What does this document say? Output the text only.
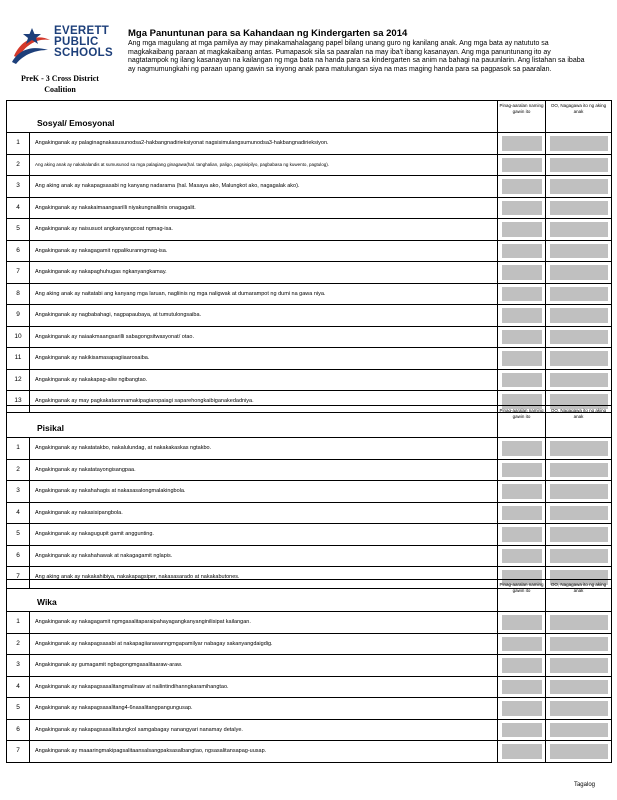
EVERETT
PUBLIC
SCHOOLS
PreK - 3 Cross District
Coalition
Mga Panuntunan para sa Kahandaan ng Kindergarten sa 2014
Ang mga magulang at mga pamilya ay may pinakamahalagang papel bilang unang guro ng kanilang anak. Ang mga bata ay natututo sa magkakaibang paraan at magkakaibang antas. Pumapasok sila sa paaralan na may iba't ibang kasanayan. Ang mga panuntunang ito ay nagtatampok ng ilang kasanayan na kailangan ng mga bata na handa para sa kindergarten sa anim na bahagi na pauunlarin. Ang listahan sa ibaba ay nagmumungkahi ng paraan upang gawin sa inyong anak para matulungan siya na mas maging handa para sa pagpasok sa paaralan.
Sosyal/ Emosyonal
Pinag-aaralan naming gawin ito
OO, Nagagawa ito ng aking anak
1	Angakinganak ay palaginagnakasusunodsa2-hakbangnadirieksiyonat nagsisimulangsumunodsa3-hakbangnadirieksiyon.
2	Ang aking anak ay nakakalandis at sumusunod sa mga palagiang ginagawa(hal. tanghalian, paligo, pagsisipilyo, pagbabasa ng kuwento, pagtulog).
3	Ang aking anak ay nakapagsasabi ng kanyang nadarama (hal. Masaya ako, Malungkot ako, nagagalak ako).
4	Angakinganak ay nakakaimaangsarilli niyakungnalilnis onagagalit.
5	Angakinganak ay naisusuot angkanyangcoat ngmag-isa.
6	Angakinganak ay nakagagamit ngpalikuranngmag-isa.
7	Angakinganak ay nakapaghuhugas ngkanyangkamay.
8	Ang aking anak ay naitatabi ang kanyang mga laruan, nagliinis ng mga naligwak at dumarampot ng dumi na gawa niya.
9	Angakinganak ay nagbabahagi, nagpapaubaya, at tumutulongsaiba.
10	Angakinganak ay naiaakmaangsarilli sabagongsitwasyonat/ otao.
11	Angakinganak ay nakikisamasapagiiaarosaiba.
12	Angakinganak ay nakakapag-aliw ngibangtao.
13	Angakinganak ay may pagkakataonnamakipagiaropaiagi saparehongkaibiganakedadniya.
Pisikal
Pinag-aaralan naming gawin ito
OO, Nagagawa ito ng aking anak
1	Angakinganak ay nakatatakbo, nakalulundag, at nakakakaskas ngtakbo.
2	Angakinganak ay nakatatayongisangpaa.
3	Angakinganak ay nakahahagis at nakasasalongmalakingbola.
4	Angakinganak ay nakasisipangbola.
5	Angakinganak ay nakagugupit gamit anggunting.
6	Angakinganak ay nakahahawak at nakagagamit nglapis.
7	Ang aking anak ay nakakahibiya, nakakapagsiper, nakasasarado at nakakabutones.
Wika
Pinag-aaralan naming gawin ito
OO, Nagagawa ito ng aking anak
1	Angakinganak ay nakagagamit ngmgasalitaparaipahayagangkanyanginilisipat kailangan.
2	Angakinganak ay nakapagsasabi at nakapagiiarawanngmgapamilyar nabagay sakanyangdaigdig.
3	Angakinganak ay gumagamit ngbagongmgasalitaaraw-araw.
4	Angakinganak ay nakapagsasalitangmalinaw at nailintindihanngkaramihangtao.
5	Angakinganak ay nakapagsasalitang4-6nasalitangpangungusap.
6	Angakinganak ay nakapagsasalitatungkol samgabagay nanangyari nanamay detalye.
7	Angakinganak ay maaaringmakipagsalitaansalsangpaksasalbangtao, ngsasalitansapag-uusap.
Tagalog
